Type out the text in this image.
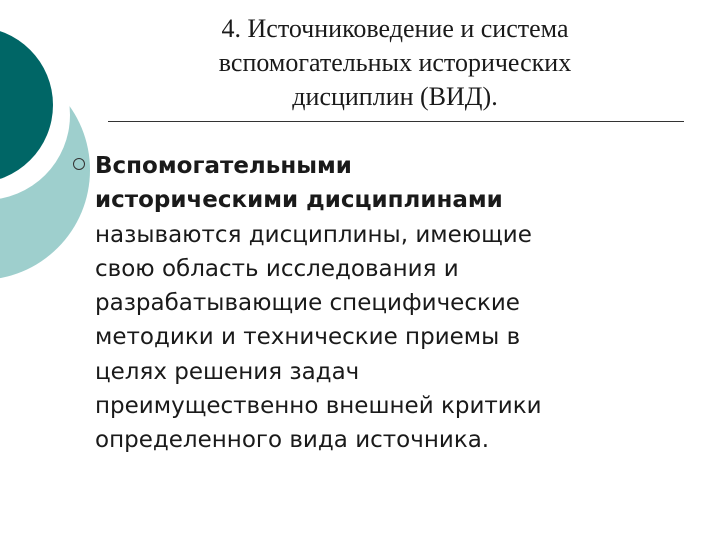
4. Источниковедение и система
вспомогательных исторических
дисциплин (ВИД).
Вспомогательными
историческими дисциплинами
называются дисциплины, имеющие
свою область исследования и
разрабатывающие специфические
методики и технические приемы в
целях решения задач
преимущественно внешней критики
определенного вида источника.
